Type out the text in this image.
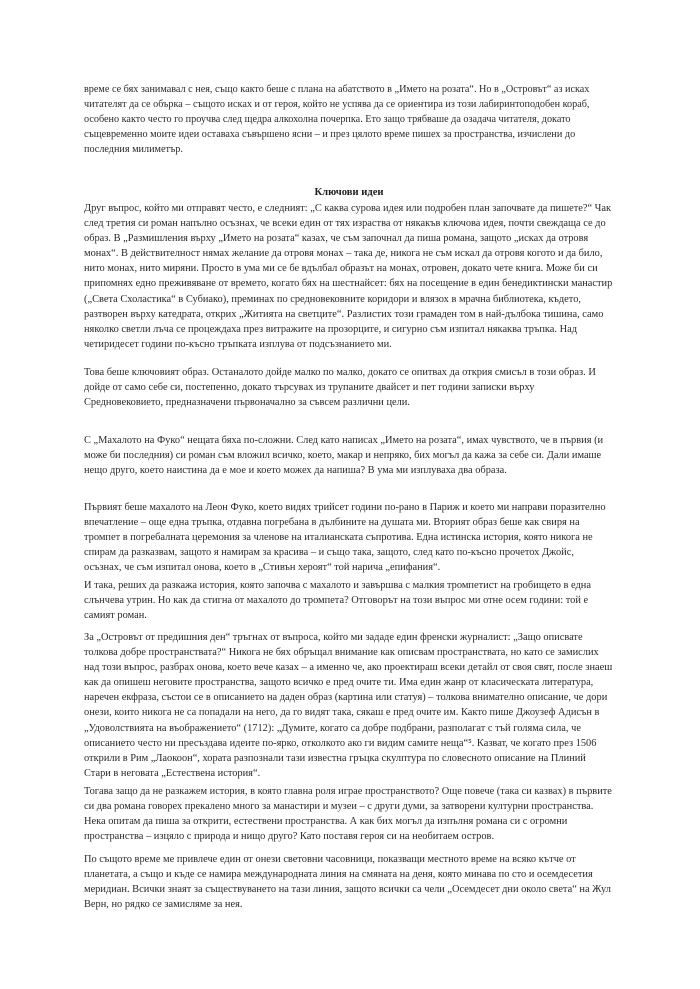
време се бях занимавал с нея, също както беше с плана на абатството в „Името на розата“. Но в „Островът“ аз исках читателят да се обърка – същото исках и от героя, който не успява да се ориентира из този лабиринтоподобен кораб, особено както често го проучва след щедра алкохолна почерпка. Ето защо трябваше да озадача читателя, докато същевременно моите идеи оставаха съвършено ясни – и през цялото време пишех за пространства, изчислени до последния милиметър.

Ключови идеи

Друг въпрос, който ми отправят често, е следният: „С каква сурова идея или подробен план започвате да пишете?“ Чак след третия си роман напълно осъзнах, че всеки един от тях израства от някакъв ключова идея, почти свеждаща се до образ. В „Размишления върху „Името на розата“ казах, че съм започнал да пиша романа, защото „исках да отровя монах“. В действителност нямах желание да отровя монах – така де, никога не съм искал да отровя когото и да било, нито монах, нито миряни. Просто в ума ми се бе вдълбал образът на монах, отровен, докато чете книга. Може би си припомнях едно преживяване от времето, когато бях на шестнайсет: бях на посещение в един бенедиктински манастир („Света Схоластика“ в Субиако), преминах по средновековните коридори и влязох в мрачна библиотека, където, разтворен върху катедрата, открих „Житията на светците“. Разлистих този грамаден том в най-дълбока тишина, само няколко светли лъча се процеждаха през витражите на прозорците, и сигурно съм изпитал някаква тръпка. Над четиридесет години по-късно тръпката изплува от подсъзнанието ми.

Това беше ключовият образ. Останалото дойде малко по малко, докато се опитвах да открия смисъл в този образ. И дойде от само себе си, постепенно, докато търсувах из трупаните двайсет и пет години записки върху Средновековието, предназначени първоначално за съвсем различни цели.

С „Махалото на Фуко“ нещата бяха по-сложни. След като написах „Името на розата“, имах чувството, че в първия (и може би последния) си роман съм вложил всичко, което, макар и непряко, бих могъл да кажа за себе си. Дали имаше нещо друго, което наистина да е мое и което можех да напиша? В ума ми изплуваха два образа.

Първият беше махалото на Леон Фуко, което видях трийсет години по-рано в Париж и което ми направи поразително впечатление – още една тръпка, отдавна погребана в дълбините на душата ми. Вторият образ беше как свиря на тромпет в погребалната церемония за членове на италианската съпротива. Една истинска история, която никога не спирам да разказвам, защото я намирам за красива – и също така, защото, след като по-късно прочетох Джойс, осъзнах, че съм изпитал онова, което в „Стивън хероят“ той нарича „епифания“.

И така, реших да разкажа история, която започва с махалото и завършва с малкия тромпетист на гробището в една слънчева утрин. Но как да стигна от махалото до тромпета? Отговорът на този въпрос ми отне осем години: той е самият роман.

За „Островът от предишния ден“ тръгнах от въпроса, който ми зададе един френски журналист: „Защо описвате толкова добре пространствата?“ Никога не бях обръщал внимание как описвам пространствата, но като се замислих над този въпрос, разбрах онова, което вече казах – а именно че, ако проектираш всеки детайл от своя свят, после знаеш как да опишеш неговите пространства, защото всичко е пред очите ти. Има един жанр от класическата литература, наречен екфраза, състои се в описанието на даден образ (картина или статуя) – толкова внимателно описание, че дори онези, които никога не са попадали на него, да го видят така, сякаш е пред очите им. Както пише Джоузеф Адисън в „Удоволствията на въображението“ (1712): „Думите, когато са добре подбрани, разполагат с тъй голяма сила, че описанието често ни пресъздава идеите по-ярко, отколкото ако ги видим самите неща“⁵. Казват, че когато през 1506 открили в Рим „Лаокоон“, хората разпознали тази известна гръцка скулптура по словесното описание на Плиний Стари в неговата „Естествена история“.

Тогава защо да не разкажем история, в която главна роля играе пространството? Още повече (така си казвах) в първите си два романа говорех прекалено много за манастири и музеи – с други думи, за затворени културни пространства. Нека опитам да пиша за открити, естествени пространства. А как бих могъл да изпълня романа си с огромни пространства – изцяло с природа и нищо друго? Като поставя героя си на необитаем остров.

По същото време ме привлече един от онези световни часовници, показващи местното време на всяко кътче от планетата, а също и къде се намира международната линия на смяната на деня, която минава по сто и осемдесетия меридиан. Всички знаят за съществуването на тази линия, защото всички са чели „Осемдесет дни около света“ на Жул Верн, но рядко се замисляме за нея.
